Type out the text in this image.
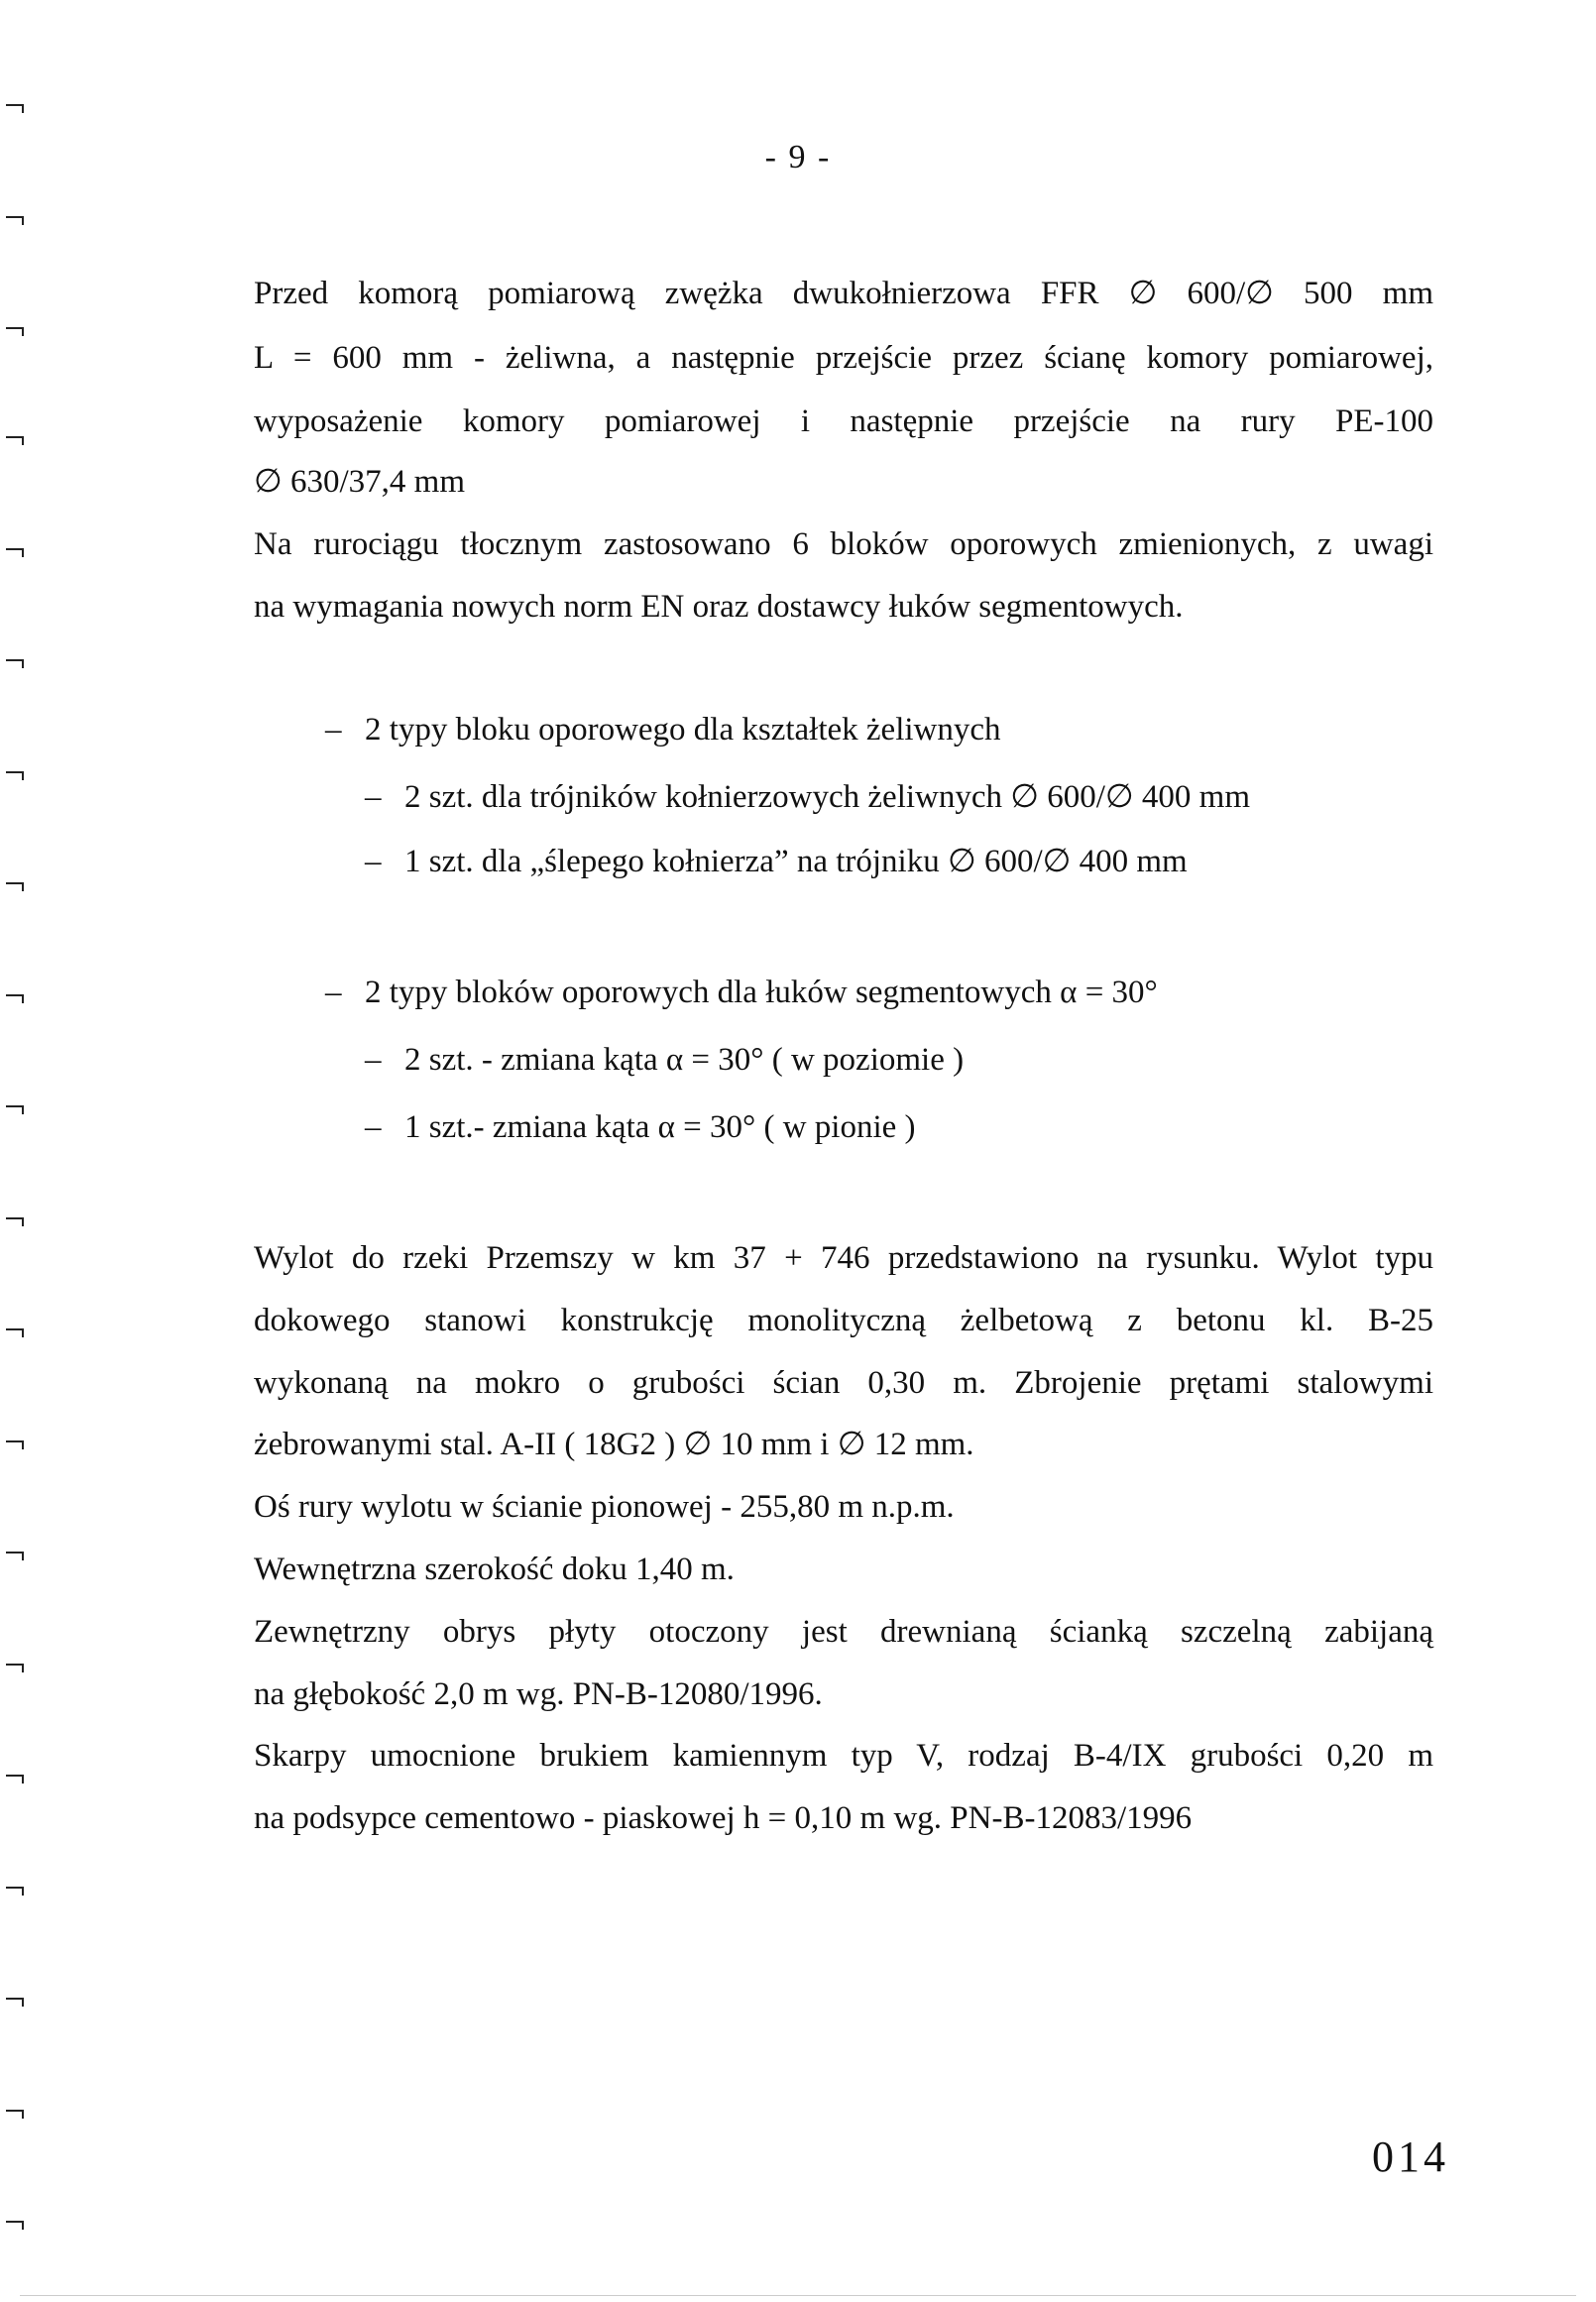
- 9 -
Przed komorą pomiarową zwężka dwukołnierzowa FFR ∅ 600/∅ 500 mm
L = 600 mm - żeliwna, a następnie przejście przez ścianę komory pomiarowej,
wyposażenie komory pomiarowej i następnie przejście na rury PE-100
∅ 630/37,4 mm
Na rurociągu tłocznym zastosowano 6 bloków oporowych zmienionych, z uwagi
na wymagania nowych norm EN oraz dostawcy łuków segmentowych.
– 2 typy bloku oporowego dla kształtek żeliwnych
– 2 szt. dla trójników kołnierzowych żeliwnych ∅ 600/∅ 400 mm
– 1 szt. dla „ślepego kołnierza” na trójniku ∅ 600/∅ 400 mm
– 2 typy bloków oporowych dla łuków segmentowych α = 30°
– 2 szt. - zmiana kąta α = 30° ( w poziomie )
– 1 szt.- zmiana kąta α = 30° ( w pionie )
Wylot do rzeki Przemszy w km 37 + 746 przedstawiono na rysunku. Wylot typu
dokowego stanowi konstrukcję monolityczną żelbetową z betonu kl. B-25
wykonaną na mokro o grubości ścian 0,30 m. Zbrojenie prętami stalowymi
żebrowanymi stal. A-II ( 18G2 ) ∅ 10 mm i ∅ 12 mm.
Oś rury wylotu w ścianie pionowej - 255,80 m n.p.m.
Wewnętrzna szerokość doku 1,40 m.
Zewnętrzny obrys płyty otoczony jest drewnianą ścianką szczelną zabijaną
na głębokość 2,0 m wg. PN-B-12080/1996.
Skarpy umocnione brukiem kamiennym typ V, rodzaj B-4/IX grubości 0,20 m
na podsypce cementowo - piaskowej h = 0,10 m wg. PN-B-12083/1996
014
